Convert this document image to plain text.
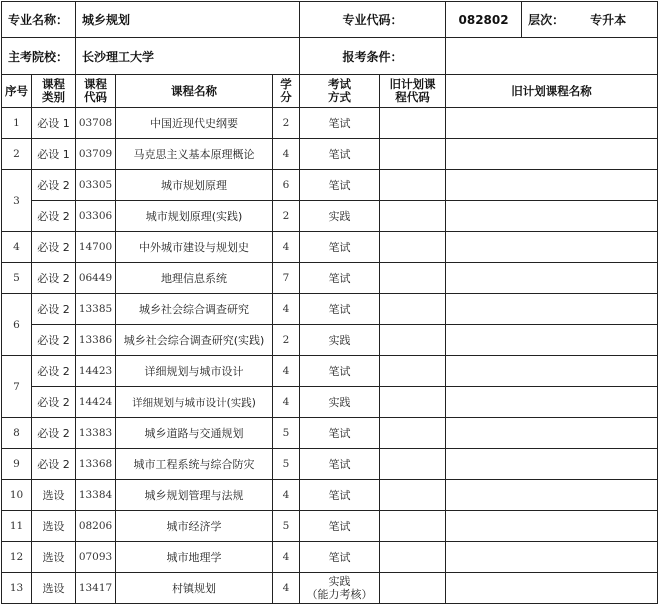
专业名称：		城乡规划			专业代码：		082802	层次： 专升本

主考院校：		长沙理工大学			报考条件：			
序号	课程类别	课程代码	课程名称	学分	考试方式	旧计划课程代码	旧计划课程名称	
1	必设 1	03708	中国近现代史纲要	2	笔试			
2	必设 1	03709	马克思主义基本原理概论	4	笔试			
3	必设 2	03305	城市规划原理	6	笔试			
	必设 2	03306	城市规划原理(实践)	2	实践			
4	必设 2	14700	中外城市建设与规划史	4	笔试			
5	必设 2	06449	地理信息系统	7	笔试			
6	必设 2	13385	城乡社会综合调查研究	4	笔试			
	必设 2	13386	城乡社会综合调查研究(实践)	2	实践			
7	必设 2	14423	详细规划与城市设计	4	笔试			
	必设 2	14424	详细规划与城市设计(实践)	4	实践			
8	必设 2	13383	城乡道路与交通规划	5	笔试			
9	必设 2	13368	城市工程系统与综合防灾	5	笔试			
10	选设	13384	城乡规划管理与法规	4	笔试			
11	选设	08206	城市经济学	5	笔试			
12	选设	07093	城市地理学	4	笔试			
13	选设	13417	村镇规划	4	实践
（能力考核）			
